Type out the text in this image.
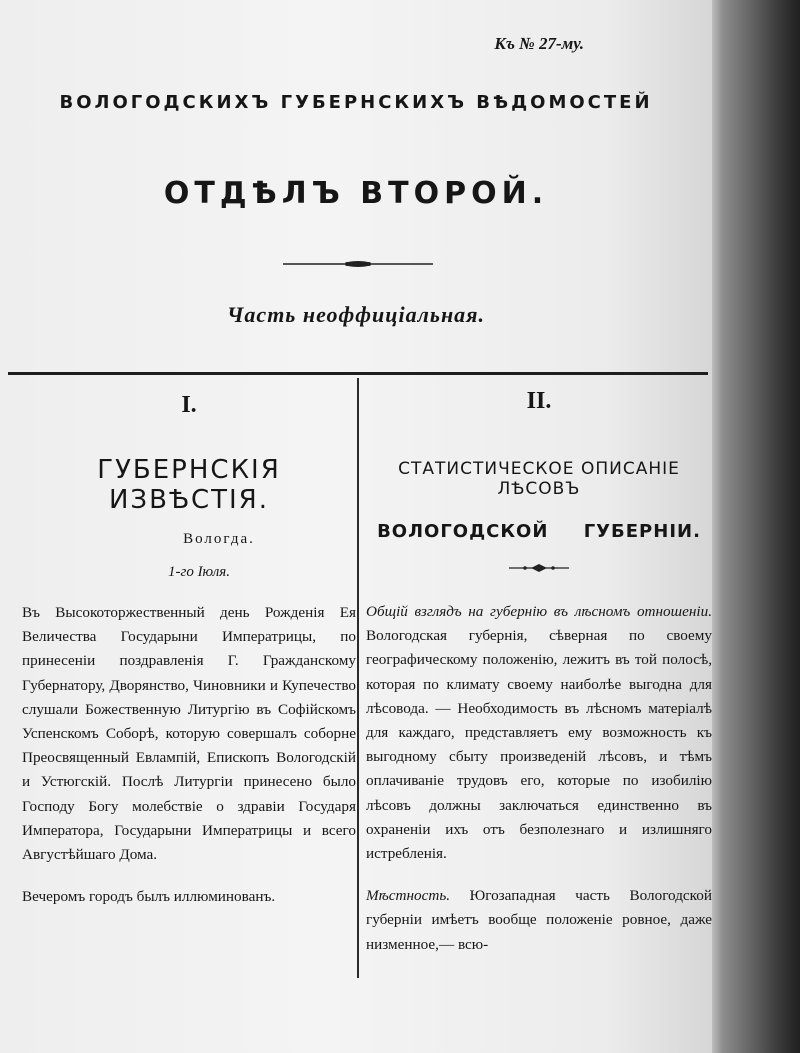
Къ № 27-му.
ВОЛОГОДСКИХЪ ГУБЕРНСКИХЪ ВѢДОМОСТЕЙ
ОТДѢЛЪ ВТОРОЙ.
Часть неоффиціальная.
I.
ГУБЕРНСКІЯ ИЗВѢСТІЯ.
Вологда.
1-го Іюля.

Въ Высокоторжественный день Рожденія Ея Величества Государыни Императрицы, по принесеніи поздравленія Г. Гражданскому Губернатору, Дворянство, Чиновники и Купечество слушали Божественную Литургію въ Софійскомъ Успенскомъ Соборѣ, которую совершалъ соборне Преосвященный Евлампій, Епископъ Вологодскій и Устюгскій. Послѣ Литургіи принесено было Господу Богу молебствіе о здравіи Государя Императора, Государыни Императрицы и всего Августѣйшаго Дома.

Вечеромъ городъ былъ иллюминованъ.

II.
СТАТИСТИЧЕСКОЕ ОПИСАНІЕ ЛѢСОВЪ
ВОЛОГОДСКОЙ ГУБЕРНІИ.

Общій взглядъ на губернію въ лѣсномъ отношеніи. Вологодская губернія, сѣверная по своему географическому положенію, лежитъ въ той полосѣ, которая по климату своему наиболѣе выгодна для лѣсовода. — Необходимость въ лѣсномъ матеріалѣ для каждаго, представляетъ ему возможность къ выгодному сбыту произведеній лѣсовъ, и тѣмъ оплачиваніе трудовъ его, которые по изобилію лѣсовъ должны заключаться единственно въ охраненіи ихъ отъ безполезнаго и излишняго истребленія.

Мѣстность. Югозападная часть Вологодской губерніи имѣетъ вообще положеніе ровное, даже низменное,— всю-
